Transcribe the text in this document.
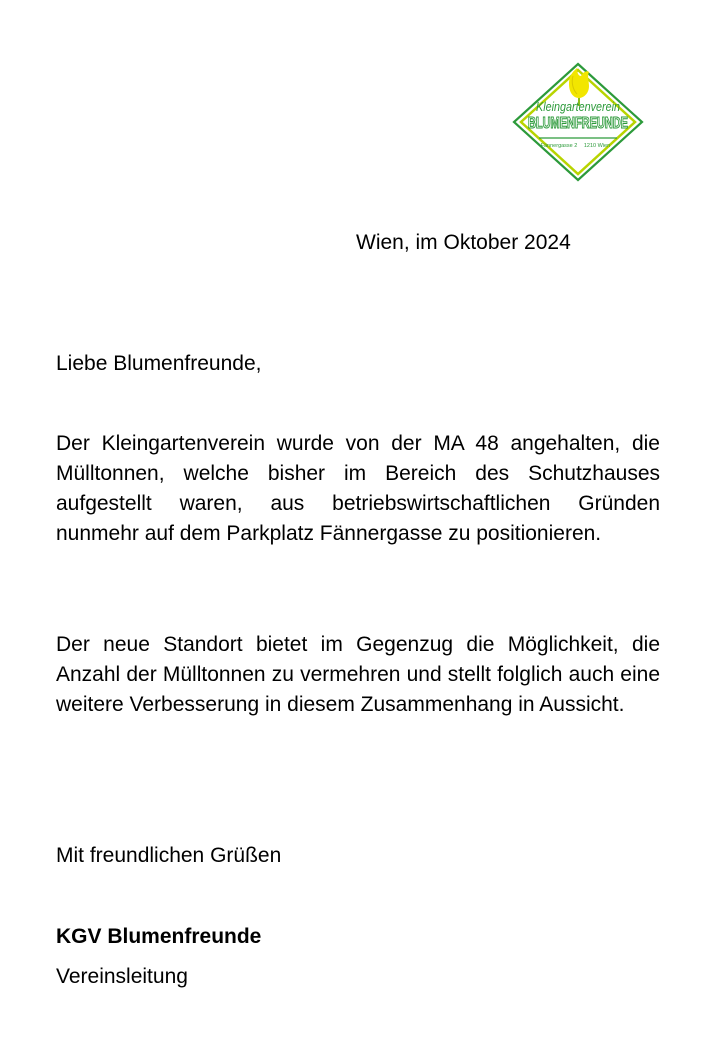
Kleingartenverein
BLUMENFREUNDE
Fännergasse 2 1210 Wien
Wien, im Oktober 2024
Liebe Blumenfreunde,
Der Kleingartenverein wurde von der MA 48 angehalten, die Mülltonnen, welche bisher im Bereich des Schutzhauses aufgestellt waren, aus betriebswirtschaftlichen Gründen nunmehr auf dem Parkplatz Fännergasse zu positionieren.
Der neue Standort bietet im Gegenzug die Möglichkeit, die Anzahl der Mülltonnen zu vermehren und stellt folglich auch eine weitere Verbesserung in diesem Zusammenhang in Aussicht.
Mit freundlichen Grüßen
KGV Blumenfreunde
Vereinsleitung
